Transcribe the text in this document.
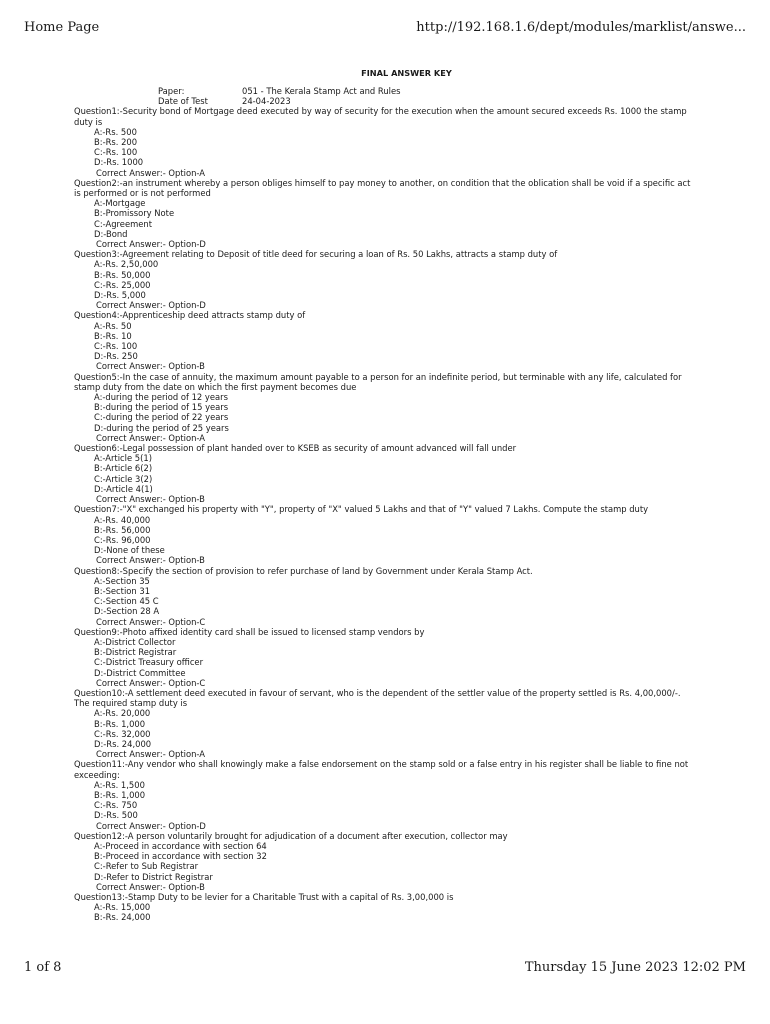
Home Page	http://192.168.1.6/dept/modules/marklist/answe...
FINAL ANSWER KEY
Paper:	051 - The Kerala Stamp Act and Rules
Date of Test	24-04-2023
Question1:-Security bond of Mortgage deed executed by way of security for the execution when the amount secured exceeds Rs. 1000 the stamp duty is
A:-Rs. 500
B:-Rs. 200
C:-Rs. 100
D:-Rs. 1000
Correct Answer:- Option-A
Question2:-an instrument whereby a person obliges himself to pay money to another, on condition that the oblication shall be void if a specific act is performed or is not performed
A:-Mortgage
B:-Promissory Note
C:-Agreement
D:-Bond
Correct Answer:- Option-D
Question3:-Agreement relating to Deposit of title deed for securing a loan of Rs. 50 Lakhs, attracts a stamp duty of
A:-Rs. 2,50,000
B:-Rs. 50,000
C:-Rs. 25,000
D:-Rs. 5,000
Correct Answer:- Option-D
Question4:-Apprenticeship deed attracts stamp duty of
A:-Rs. 50
B:-Rs. 10
C:-Rs. 100
D:-Rs. 250
Correct Answer:- Option-B
Question5:-In the case of annuity, the maximum amount payable to a person for an indefinite period, but terminable with any life, calculated for stamp duty from the date on which the first payment becomes due
A:-during the period of 12 years
B:-during the period of 15 years
C:-during the period of 22 years
D:-during the period of 25 years
Correct Answer:- Option-A
Question6:-Legal possession of plant handed over to KSEB as security of amount advanced will fall under
A:-Article 5(1)
B:-Article 6(2)
C:-Article 3(2)
D:-Article 4(1)
Correct Answer:- Option-B
Question7:-"X" exchanged his property with "Y", property of "X" valued 5 Lakhs and that of "Y" valued 7 Lakhs. Compute the stamp duty
A:-Rs. 40,000
B:-Rs. 56,000
C:-Rs. 96,000
D:-None of these
Correct Answer:- Option-B
Question8:-Specify the section of provision to refer purchase of land by Government under Kerala Stamp Act.
A:-Section 35
B:-Section 31
C:-Section 45 C
D:-Section 28 A
Correct Answer:- Option-C
Question9:-Photo affixed identity card shall be issued to licensed stamp vendors by
A:-District Collector
B:-District Registrar
C:-District Treasury officer
D:-District Committee
Correct Answer:- Option-C
Question10:-A settlement deed executed in favour of servant, who is the dependent of the settler value of the property settled is Rs. 4,00,000/-. The required stamp duty is
A:-Rs. 20,000
B:-Rs. 1,000
C:-Rs. 32,000
D:-Rs. 24,000
Correct Answer:- Option-A
Question11:-Any vendor who shall knowingly make a false endorsement on the stamp sold or a false entry in his register shall be liable to fine not exceeding:
A:-Rs. 1,500
B:-Rs. 1,000
C:-Rs. 750
D:-Rs. 500
Correct Answer:- Option-D
Question12:-A person voluntarily brought for adjudication of a document after execution, collector may
A:-Proceed in accordance with section 64
B:-Proceed in accordance with section 32
C:-Refer to Sub Registrar
D:-Refer to District Registrar
Correct Answer:- Option-B
Question13:-Stamp Duty to be levier for a Charitable Trust with a capital of Rs. 3,00,000 is
A:-Rs. 15,000
B:-Rs. 24,000
1 of 8	Thursday 15 June 2023 12:02 PM
